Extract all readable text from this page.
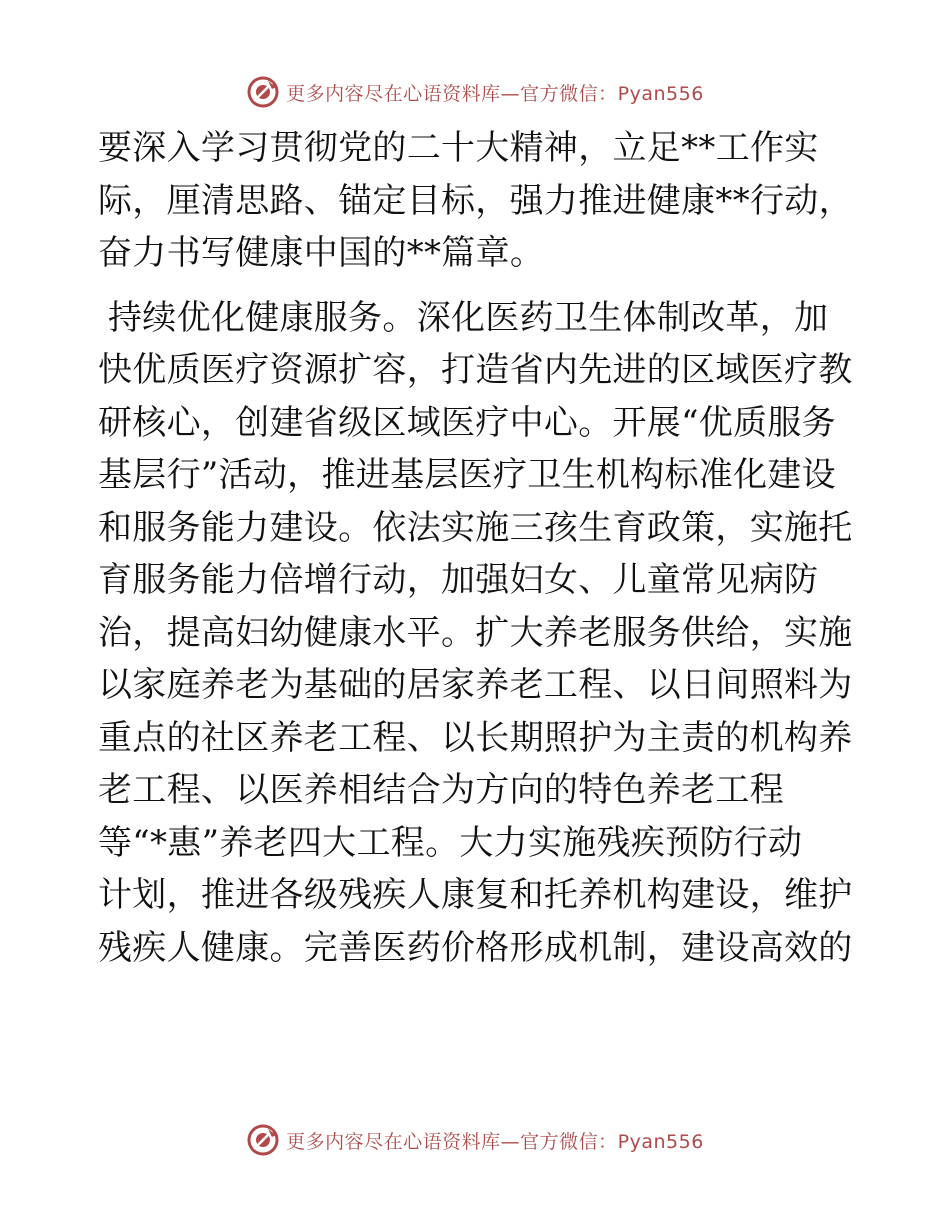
更多内容尽在心语资料库—官方微信：Pyan556
要深入学习贯彻党的二十大精神，立足**工作实
际，厘清思路、锚定目标，强力推进健康**行动，
奋力书写健康中国的**篇章。
持续优化健康服务。深化医药卫生体制改革，加
快优质医疗资源扩容，打造省内先进的区域医疗教
研核心，创建省级区域医疗中心。开展“优质服务
基层行”活动，推进基层医疗卫生机构标准化建设
和服务能力建设。依法实施三孩生育政策，实施托
育服务能力倍增行动，加强妇女、儿童常见病防
治，提高妇幼健康水平。扩大养老服务供给，实施
以家庭养老为基础的居家养老工程、以日间照料为
重点的社区养老工程、以长期照护为主责的机构养
老工程、以医养相结合为方向的特色养老工程
等“*惠”养老四大工程。大力实施残疾预防行动
计划，推进各级残疾人康复和托养机构建设，维护
残疾人健康。完善医药价格形成机制，建设高效的
更多内容尽在心语资料库—官方微信：Pyan556
